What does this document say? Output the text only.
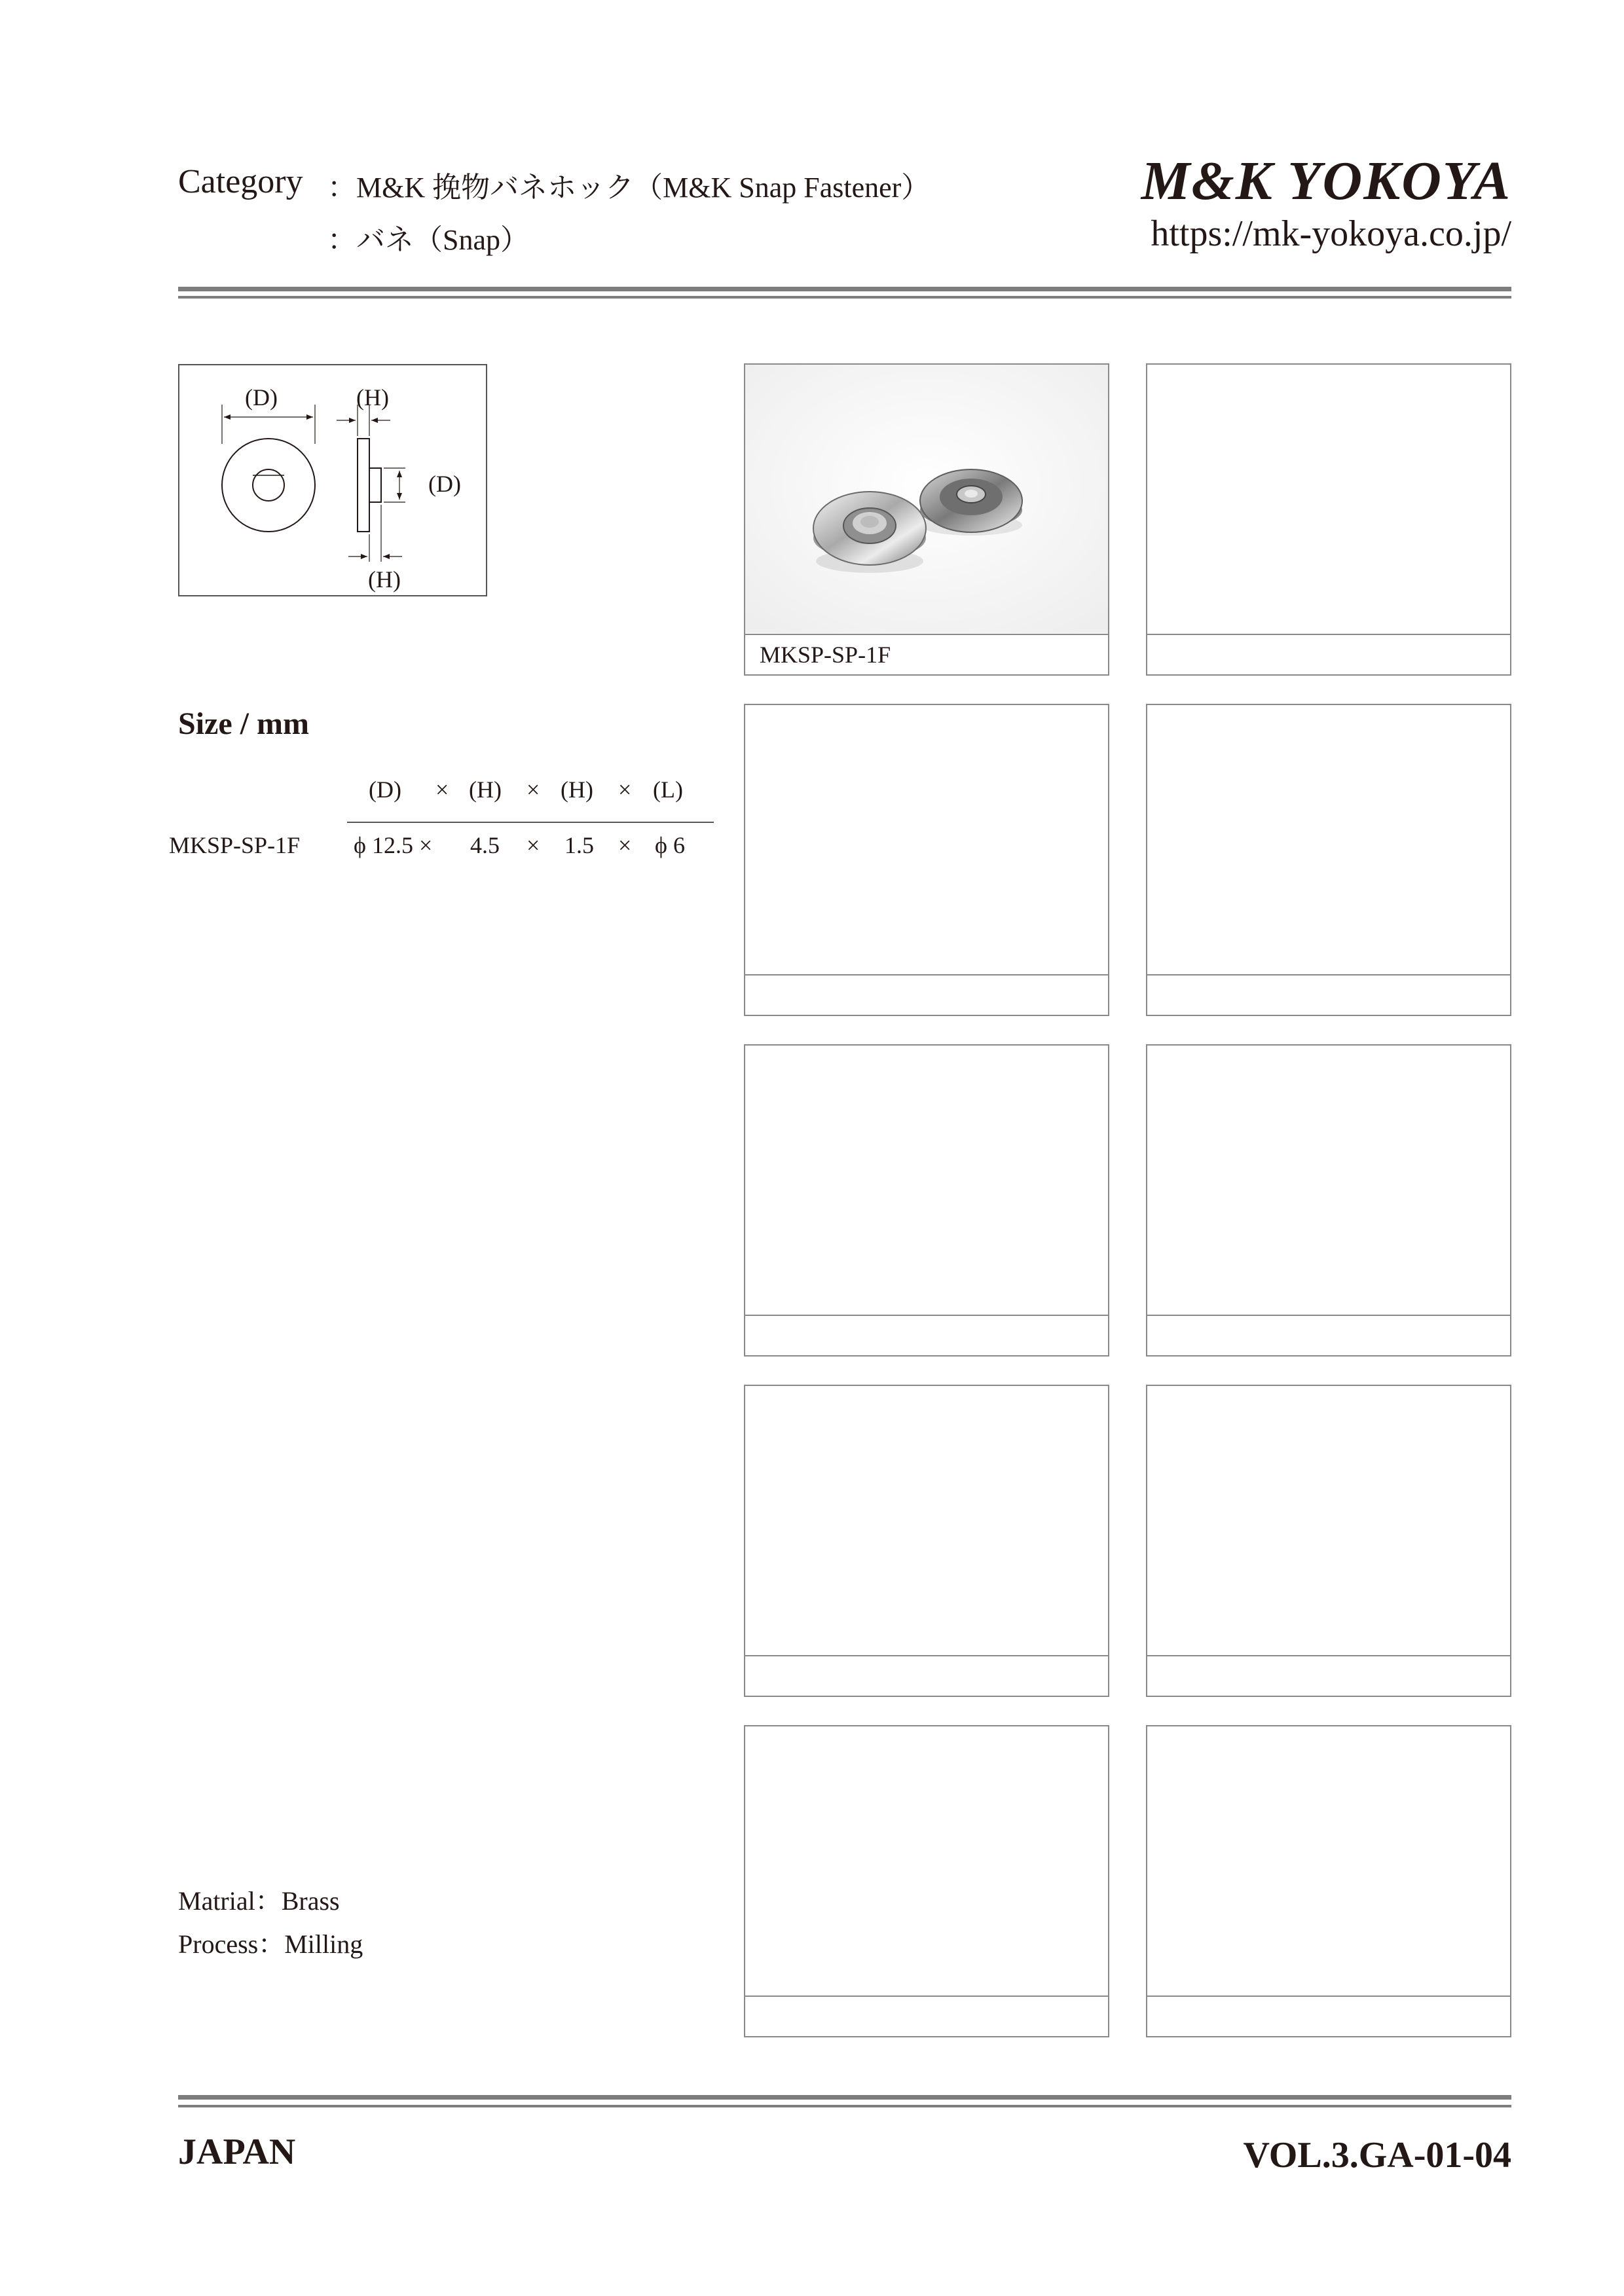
Category ：M&K 挽物バネホック（M&K Snap Fastener）
：バネ（Snap）
M&K YOKOYA
https://mk-yokoya.co.jp/
(D)	(H)
(D)
(H)
Size / mm
(D) × (H) × (H) × (L)
MKSP-SP-1F ϕ 12.5 × 4.5 × 1.5 × ϕ 6
Matrial：Brass
Process：Milling
MKSP-SP-1F
JAPAN	VOL.3.GA-01-04
